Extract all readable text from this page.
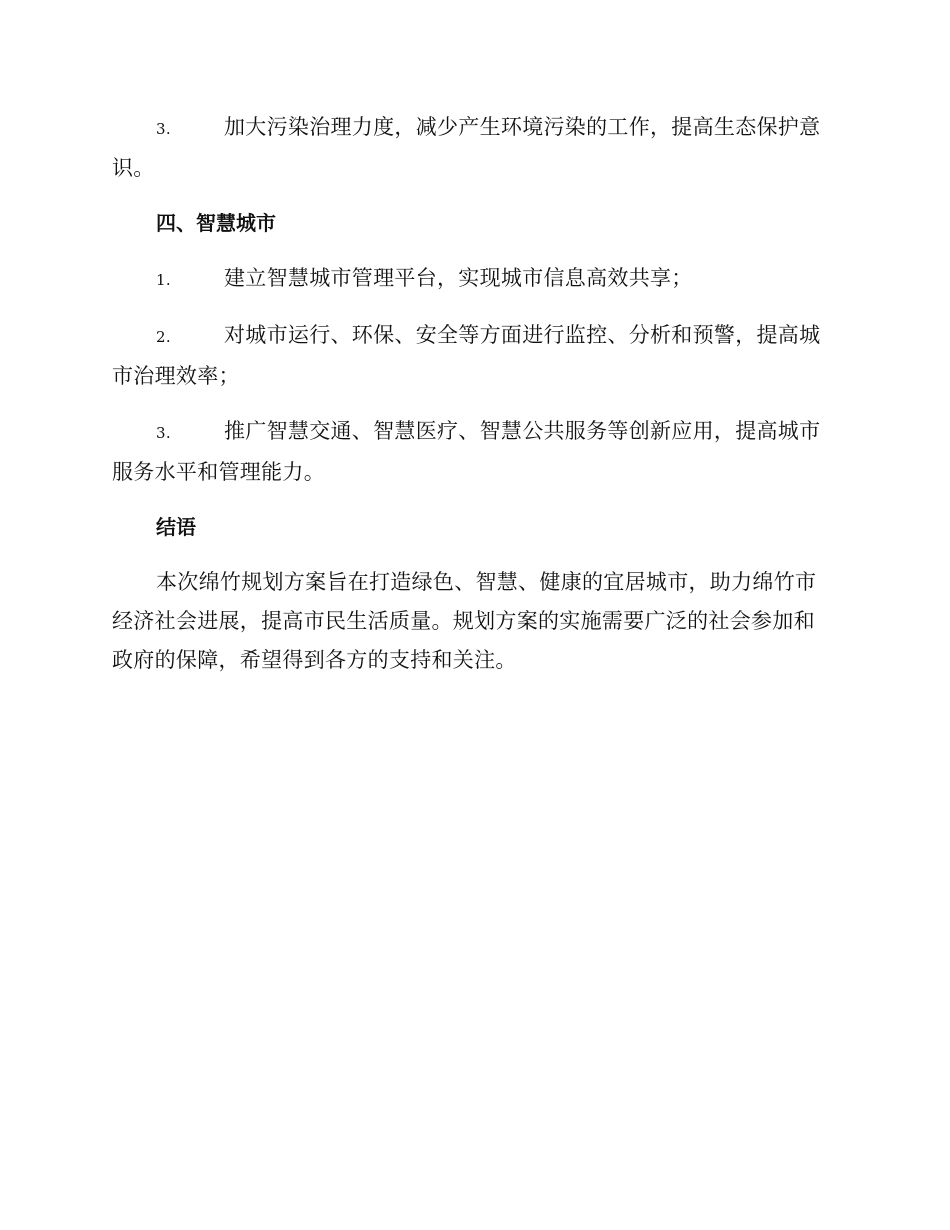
3.	加大污染治理力度，减少产生环境污染的工作，提高生态保护意识。

四、智慧城市

1.	建立智慧城市管理平台，实现城市信息高效共享；

2.	对城市运行、环保、安全等方面进行监控、分析和预警，提高城市治理效率；

3.	推广智慧交通、智慧医疗、智慧公共服务等创新应用，提高城市服务水平和管理能力。

结语

本次绵竹规划方案旨在打造绿色、智慧、健康的宜居城市，助力绵竹市经济社会进展，提高市民生活质量。规划方案的实施需要广泛的社会参加和政府的保障，希望得到各方的支持和关注。
